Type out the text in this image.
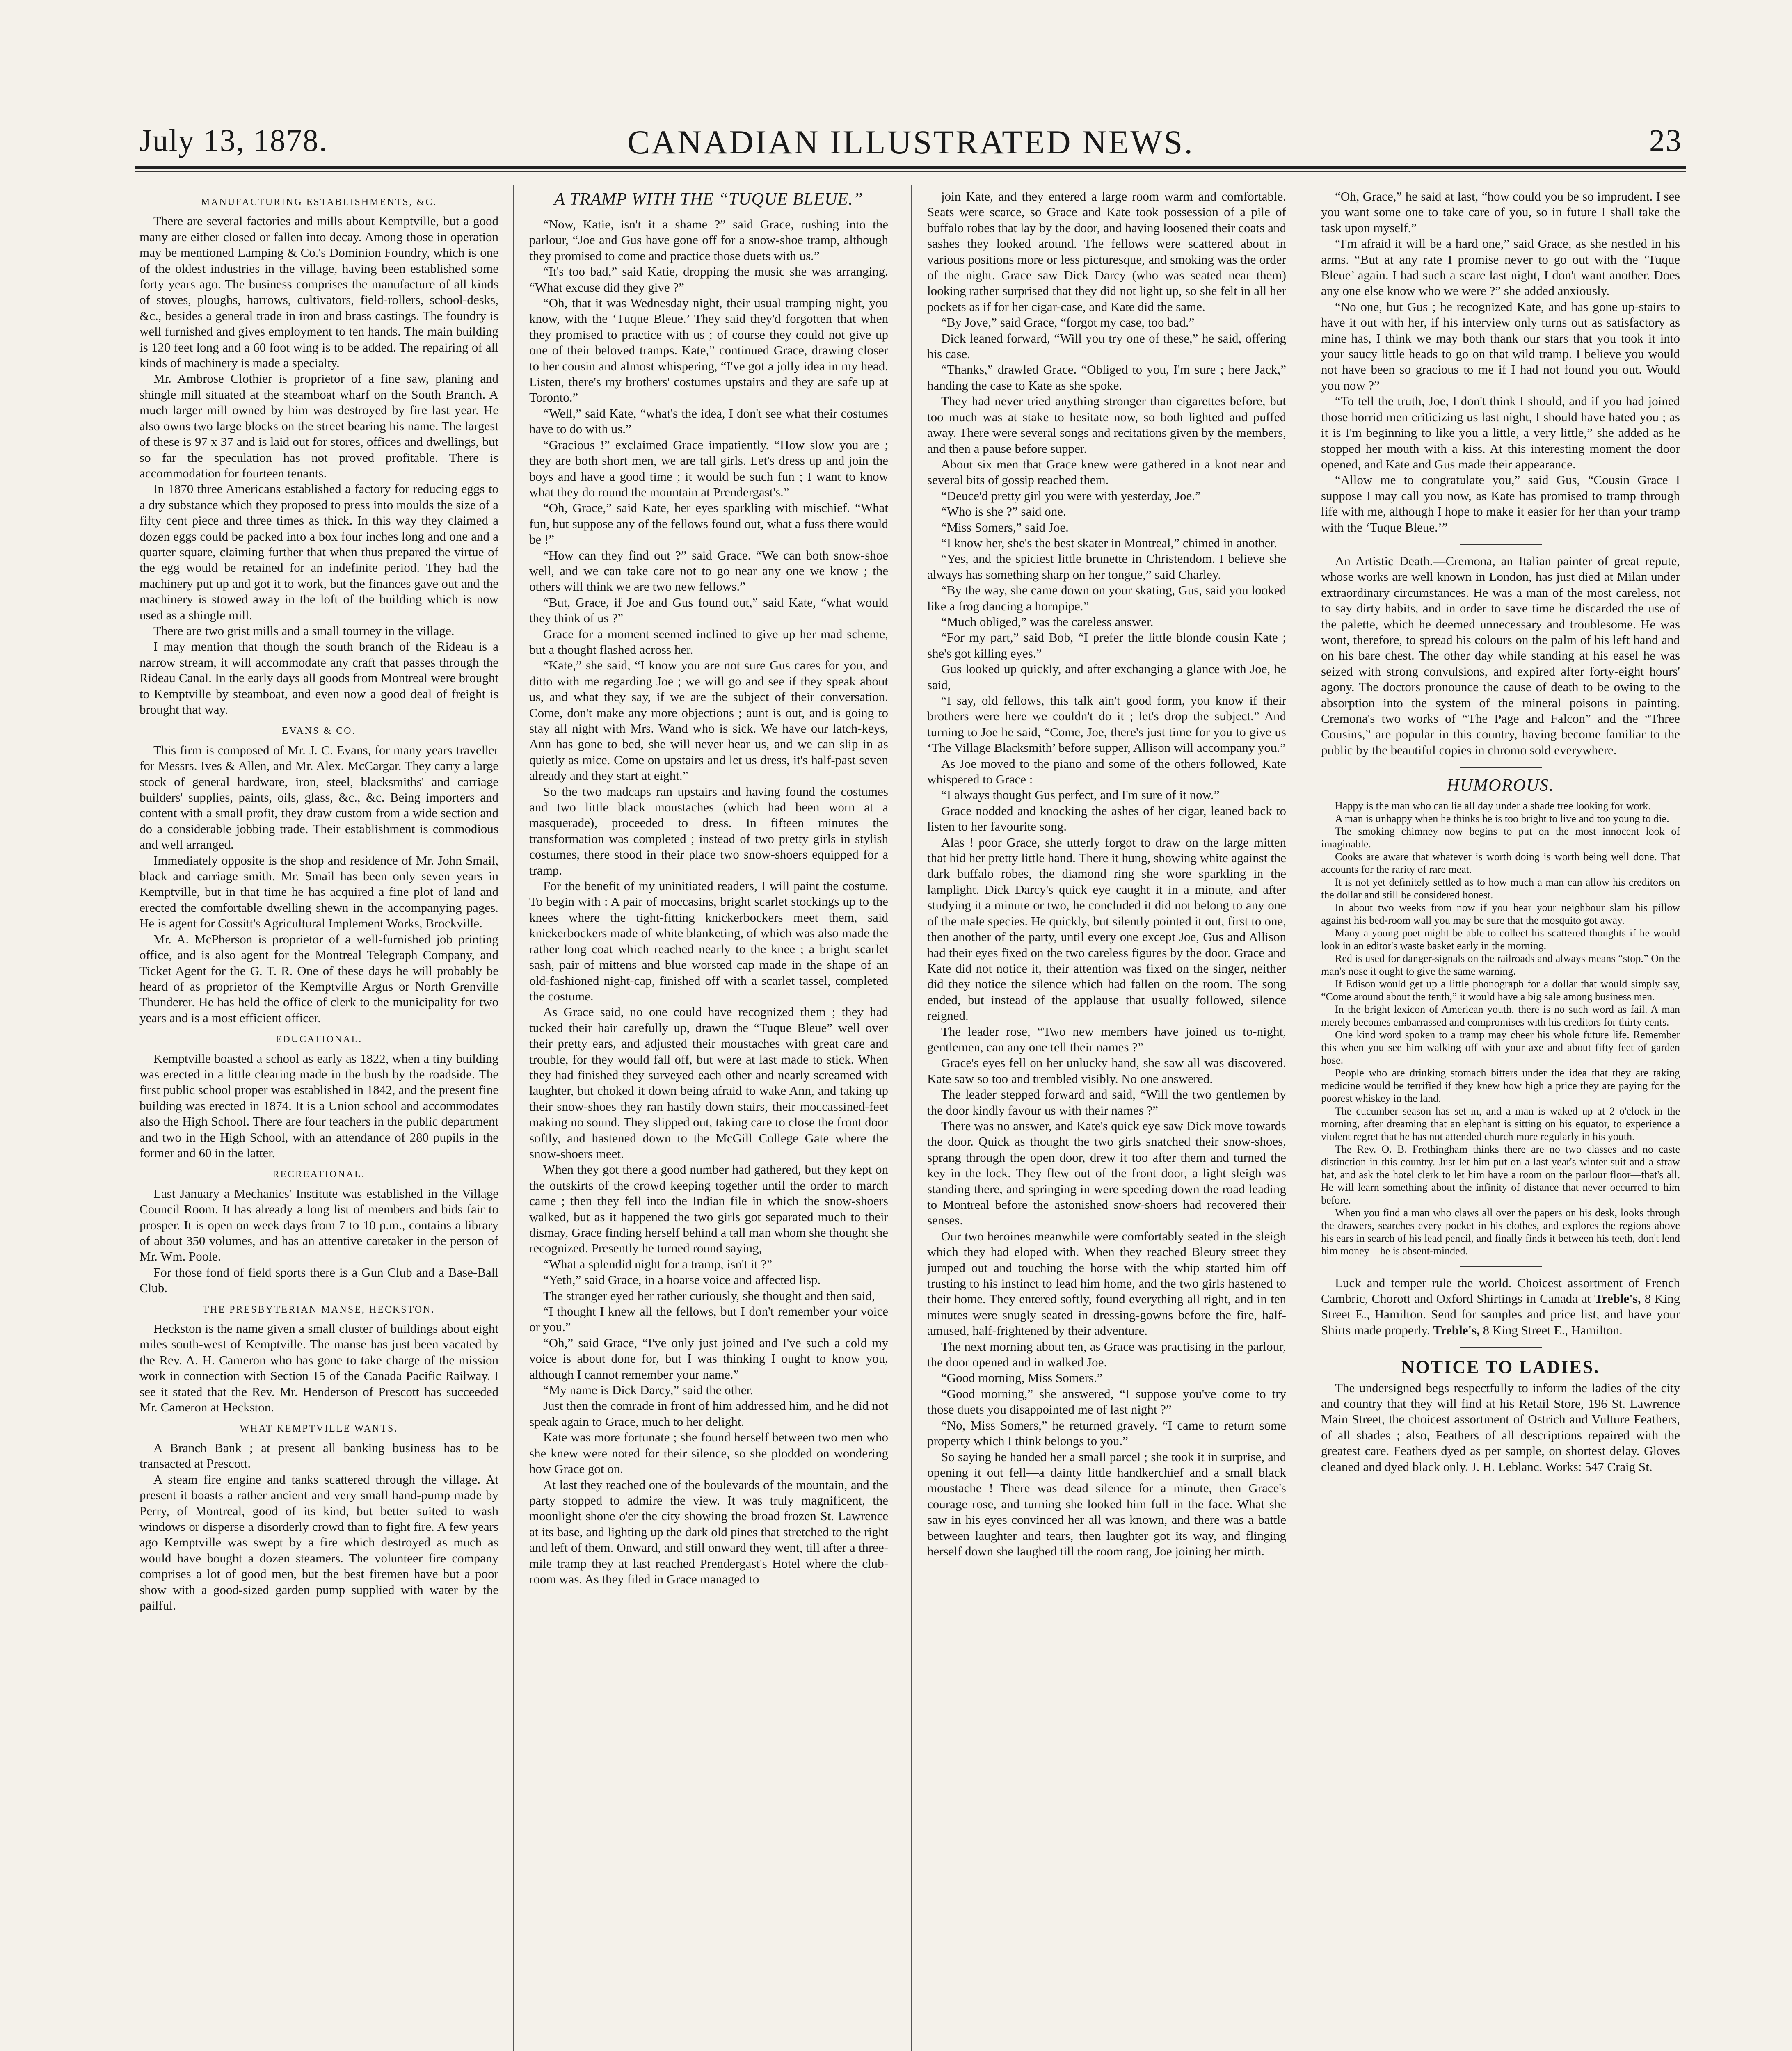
July 13, 1878.	CANADIAN ILLUSTRATED NEWS.	23
MANUFACTURING ESTABLISHMENTS, &C.

There are several factories and mills about Kemptville, but a good many are either closed or fallen into decay. Among those in operation may be mentioned Lamping & Co.'s Dominion Foundry, which is one of the oldest industries in the village, having been established some forty years ago. The business comprises the manufacture of all kinds of stoves, ploughs, harrows, cultivators, field-rollers, school-desks, &c., besides a general trade in iron and brass castings. The foundry is well furnished and gives employment to ten hands. The main building is 120 feet long and a 60 foot wing is to be added. The repairing of all kinds of machinery is made a specialty.

Mr. Ambrose Clothier is proprietor of a fine saw, planing and shingle mill situated at the steamboat wharf on the South Branch. A much larger mill owned by him was destroyed by fire last year. He also owns two large blocks on the street bearing his name. The largest of these is 97 x 37 and is laid out for stores, offices and dwellings, but so far the speculation has not proved profitable. There is accommodation for fourteen tenants.

In 1870 three Americans established a factory for reducing eggs to a dry substance which they proposed to press into moulds the size of a fifty cent piece and three times as thick. In this way they claimed a dozen eggs could be packed into a box four inches long and one and a quarter square, claiming further that when thus prepared the virtue of the egg would be retained for an indefinite period. They had the machinery put up and got it to work, but the finances gave out and the machinery is stowed away in the loft of the building which is now used as a shingle mill.

There are two grist mills and a small tourney in the village.

I may mention that though the south branch of the Rideau is a narrow stream, it will accommodate any craft that passes through the Rideau Canal. In the early days all goods from Montreal were brought to Kemptville by steamboat, and even now a good deal of freight is brought that way.

EVANS & CO.

This firm is composed of Mr. J. C. Evans, for many years traveller for Messrs. Ives & Allen, and Mr. Alex. McCargar. They carry a large stock of general hardware, iron, steel, blacksmiths' and carriage builders' supplies, paints, oils, glass, &c., &c. Being importers and content with a small profit, they draw custom from a wide section and do a considerable jobbing trade. Their establishment is commodious and well arranged.

Immediately opposite is the shop and residence of Mr. John Smail, black and carriage smith. Mr. Smail has been only seven years in Kemptville, but in that time he has acquired a fine plot of land and erected the comfortable dwelling shewn in the accompanying pages. He is agent for Cossitt's Agricultural Implement Works, Brockville.

Mr. A. McPherson is proprietor of a well-furnished job printing office, and is also agent for the Montreal Telegraph Company, and Ticket Agent for the G. T. R. One of these days he will probably be heard of as proprietor of the Kemptville Argus or North Grenville Thunderer. He has held the office of clerk to the municipality for two years and is a most efficient officer.

EDUCATIONAL.

Kemptville boasted a school as early as 1822, when a tiny building was erected in a little clearing made in the bush by the roadside. The first public school proper was established in 1842, and the present fine building was erected in 1874. It is a Union school and accommodates also the High School. There are four teachers in the public department and two in the High School, with an attendance of 280 pupils in the former and 60 in the latter.

RECREATIONAL.

Last January a Mechanics' Institute was established in the Village Council Room. It has already a long list of members and bids fair to prosper. It is open on week days from 7 to 10 p.m., contains a library of about 350 volumes, and has an attentive caretaker in the person of Mr. Wm. Poole.

For those fond of field sports there is a Gun Club and a Base-Ball Club.

THE PRESBYTERIAN MANSE, HECKSTON.

Heckston is the name given a small cluster of buildings about eight miles south-west of Kemptville. The manse has just been vacated by the Rev. A. H. Cameron who has gone to take charge of the mission work in connection with Section 15 of the Canada Pacific Railway. I see it stated that the Rev. Mr. Henderson of Prescott has succeeded Mr. Cameron at Heckston.

WHAT KEMPTVILLE WANTS.

A Branch Bank ; at present all banking business has to be transacted at Prescott.

A steam fire engine and tanks scattered through the village. At present it boasts a rather ancient and very small hand-pump made by Perry, of Montreal, good of its kind, but better suited to wash windows or disperse a disorderly crowd than to fight fire. A few years ago Kemptville was swept by a fire which destroyed as much as would have bought a dozen steamers. The volunteer fire company comprises a lot of good men, but the best firemen have but a poor show with a good-sized garden pump supplied with water by the pailful.

A TRAMP WITH THE “TUQUE BLEUE.”

“Now, Katie, isn't it a shame ?” said Grace, rushing into the parlour, “Joe and Gus have gone off for a snow-shoe tramp, although they promised to come and practice those duets with us.”

“It's too bad,” said Katie, dropping the music she was arranging. “What excuse did they give ?”

“Oh, that it was Wednesday night, their usual tramping night, you know, with the ‘Tuque Bleue.’ They said they'd forgotten that when they promised to practice with us ; of course they could not give up one of their beloved tramps. Kate,” continued Grace, drawing closer to her cousin and almost whispering, “I've got a jolly idea in my head. Listen, there's my brothers' costumes upstairs and they are safe up at Toronto.”

“Well,” said Kate, “what's the idea, I don't see what their costumes have to do with us.”

“Gracious !” exclaimed Grace impatiently. “How slow you are ; they are both short men, we are tall girls. Let's dress up and join the boys and have a good time ; it would be such fun ; I want to know what they do round the mountain at Prendergast's.”

“Oh, Grace,” said Kate, her eyes sparkling with mischief. “What fun, but suppose any of the fellows found out, what a fuss there would be !”

“How can they find out ?” said Grace. “We can both snow-shoe well, and we can take care not to go near any one we know ; the others will think we are two new fellows.”

“But, Grace, if Joe and Gus found out,” said Kate, “what would they think of us ?”

Grace for a moment seemed inclined to give up her mad scheme, but a thought flashed across her.

“Kate,” she said, “I know you are not sure Gus cares for you, and ditto with me regarding Joe ; we will go and see if they speak about us, and what they say, if we are the subject of their conversation. Come, don't make any more objections ; aunt is out, and is going to stay all night with Mrs. Wand who is sick. We have our latch-keys, Ann has gone to bed, she will never hear us, and we can slip in as quietly as mice. Come on upstairs and let us dress, it's half-past seven already and they start at eight.”

So the two madcaps ran upstairs and having found the costumes and two little black moustaches (which had been worn at a masquerade), proceeded to dress. In fifteen minutes the transformation was completed ; instead of two pretty girls in stylish costumes, there stood in their place two snow-shoers equipped for a tramp.

For the benefit of my uninitiated readers, I will paint the costume. To begin with : A pair of moccasins, bright scarlet stockings up to the knees where the tight-fitting knickerbockers meet them, said knickerbockers made of white blanketing, of which was also made the rather long coat which reached nearly to the knee ; a bright scarlet sash, pair of mittens and blue worsted cap made in the shape of an old-fashioned night-cap, finished off with a scarlet tassel, completed the costume.

As Grace said, no one could have recognized them ; they had tucked their hair carefully up, drawn the “Tuque Bleue” well over their pretty ears, and adjusted their moustaches with great care and trouble, for they would fall off, but were at last made to stick. When they had finished they surveyed each other and nearly screamed with laughter, but choked it down being afraid to wake Ann, and taking up their snow-shoes they ran hastily down stairs, their moccassined-feet making no sound. They slipped out, taking care to close the front door softly, and hastened down to the McGill College Gate where the snow-shoers meet.

When they got there a good number had gathered, but they kept on the outskirts of the crowd keeping together until the order to march came ; then they fell into the Indian file in which the snow-shoers walked, but as it happened the two girls got separated much to their dismay, Grace finding herself behind a tall man whom she thought she recognized. Presently he turned round saying,

“What a splendid night for a tramp, isn't it ?”

“Yeth,” said Grace, in a hoarse voice and affected lisp.

The stranger eyed her rather curiously, she thought and then said,

“I thought I knew all the fellows, but I don't remember your voice or you.”

“Oh,” said Grace, “I've only just joined and I've such a cold my voice is about done for, but I was thinking I ought to know you, although I cannot remember your name.”

“My name is Dick Darcy,” said the other.

Just then the comrade in front of him addressed him, and he did not speak again to Grace, much to her delight.

Kate was more fortunate ; she found herself between two men who she knew were noted for their silence, so she plodded on wondering how Grace got on.

At last they reached one of the boulevards of the mountain, and the party stopped to admire the view. It was truly magnificent, the moonlight shone o'er the city showing the broad frozen St. Lawrence at its base, and lighting up the dark old pines that stretched to the right and left of them. Onward, and still onward they went, till after a three-mile tramp they at last reached Prendergast's Hotel where the club-room was. As they filed in Grace managed to

join Kate, and they entered a large room warm and comfortable. Seats were scarce, so Grace and Kate took possession of a pile of buffalo robes that lay by the door, and having loosened their coats and sashes they looked around. The fellows were scattered about in various positions more or less picturesque, and smoking was the order of the night. Grace saw Dick Darcy (who was seated near them) looking rather surprised that they did not light up, so she felt in all her pockets as if for her cigar-case, and Kate did the same.

“By Jove,” said Grace, “forgot my case, too bad.”

Dick leaned forward, “Will you try one of these,” he said, offering his case.

“Thanks,” drawled Grace. “Obliged to you, I'm sure ; here Jack,” handing the case to Kate as she spoke.

They had never tried anything stronger than cigarettes before, but too much was at stake to hesitate now, so both lighted and puffed away. There were several songs and recitations given by the members, and then a pause before supper.

About six men that Grace knew were gathered in a knot near and several bits of gossip reached them.

“Deuce'd pretty girl you were with yesterday, Joe.”

“Who is she ?” said one.

“Miss Somers,” said Joe.

“I know her, she's the best skater in Montreal,” chimed in another.

“Yes, and the spiciest little brunette in Christendom. I believe she always has something sharp on her tongue,” said Charley.

“By the way, she came down on your skating, Gus, said you looked like a frog dancing a hornpipe.”

“Much obliged,” was the careless answer.

“For my part,” said Bob, “I prefer the little blonde cousin Kate ; she's got killing eyes.”

Gus looked up quickly, and after exchanging a glance with Joe, he said,

“I say, old fellows, this talk ain't good form, you know if their brothers were here we couldn't do it ; let's drop the subject.” And turning to Joe he said, “Come, Joe, there's just time for you to give us ‘The Village Blacksmith’ before supper, Allison will accompany you.”

As Joe moved to the piano and some of the others followed, Kate whispered to Grace :

“I always thought Gus perfect, and I'm sure of it now.”

Grace nodded and knocking the ashes of her cigar, leaned back to listen to her favourite song.

Alas ! poor Grace, she utterly forgot to draw on the large mitten that hid her pretty little hand. There it hung, showing white against the dark buffalo robes, the diamond ring she wore sparkling in the lamplight. Dick Darcy's quick eye caught it in a minute, and after studying it a minute or two, he concluded it did not belong to any one of the male species. He quickly, but silently pointed it out, first to one, then another of the party, until every one except Joe, Gus and Allison had their eyes fixed on the two careless figures by the door. Grace and Kate did not notice it, their attention was fixed on the singer, neither did they notice the silence which had fallen on the room. The song ended, but instead of the applause that usually followed, silence reigned.

The leader rose, “Two new members have joined us to-night, gentlemen, can any one tell their names ?”

Grace's eyes fell on her unlucky hand, she saw all was discovered. Kate saw so too and trembled visibly. No one answered.

The leader stepped forward and said, “Will the two gentlemen by the door kindly favour us with their names ?”

There was no answer, and Kate's quick eye saw Dick move towards the door. Quick as thought the two girls snatched their snow-shoes, sprang through the open door, drew it too after them and turned the key in the lock. They flew out of the front door, a light sleigh was standing there, and springing in were speeding down the road leading to Montreal before the astonished snow-shoers had recovered their senses.

Our two heroines meanwhile were comfortably seated in the sleigh which they had eloped with. When they reached Bleury street they jumped out and touching the horse with the whip started him off trusting to his instinct to lead him home, and the two girls hastened to their home. They entered softly, found everything all right, and in ten minutes were snugly seated in dressing-gowns before the fire, half-amused, half-frightened by their adventure.

The next morning about ten, as Grace was practising in the parlour, the door opened and in walked Joe.

“Good morning, Miss Somers.”

“Good morning,” she answered, “I suppose you've come to try those duets you disappointed me of last night ?”

“No, Miss Somers,” he returned gravely. “I came to return some property which I think belongs to you.”

So saying he handed her a small parcel ; she took it in surprise, and opening it out fell—a dainty little handkerchief and a small black moustache ! There was dead silence for a minute, then Grace's courage rose, and turning she looked him full in the face. What she saw in his eyes convinced her all was known, and there was a battle between laughter and tears, then laughter got its way, and flinging herself down she laughed till the room rang, Joe joining her mirth.

“Oh, Grace,” he said at last, “how could you be so imprudent. I see you want some one to take care of you, so in future I shall take the task upon myself.”

“I'm afraid it will be a hard one,” said Grace, as she nestled in his arms. “But at any rate I promise never to go out with the ‘Tuque Bleue’ again. I had such a scare last night, I don't want another. Does any one else know who we were ?” she added anxiously.

“No one, but Gus ; he recognized Kate, and has gone up-stairs to have it out with her, if his interview only turns out as satisfactory as mine has, I think we may both thank our stars that you took it into your saucy little heads to go on that wild tramp. I believe you would not have been so gracious to me if I had not found you out. Would you now ?”

“To tell the truth, Joe, I don't think I should, and if you had joined those horrid men criticizing us last night, I should have hated you ; as it is I'm beginning to like you a little, a very little,” she added as he stopped her mouth with a kiss. At this interesting moment the door opened, and Kate and Gus made their appearance.

“Allow me to congratulate you,” said Gus, “Cousin Grace I suppose I may call you now, as Kate has promised to tramp through life with me, although I hope to make it easier for her than your tramp with the ‘Tuque Bleue.’”

An Artistic Death.—Cremona, an Italian painter of great repute, whose works are well known in London, has just died at Milan under extraordinary circumstances. He was a man of the most careless, not to say dirty habits, and in order to save time he discarded the use of the palette, which he deemed unnecessary and troublesome. He was wont, therefore, to spread his colours on the palm of his left hand and on his bare chest. The other day while standing at his easel he was seized with strong convulsions, and expired after forty-eight hours' agony. The doctors pronounce the cause of death to be owing to the absorption into the system of the mineral poisons in painting. Cremona's two works of “The Page and Falcon” and the “Three Cousins,” are popular in this country, having become familiar to the public by the beautiful copies in chromo sold everywhere.

HUMOROUS.

Happy is the man who can lie all day under a shade tree looking for work.

A man is unhappy when he thinks he is too bright to live and too young to die.

The smoking chimney now begins to put on the most innocent look of imaginable.

Cooks are aware that whatever is worth doing is worth being well done. That accounts for the rarity of rare meat.

It is not yet definitely settled as to how much a man can allow his creditors on the dollar and still be considered honest.

In about two weeks from now if you hear your neighbour slam his pillow against his bed-room wall you may be sure that the mosquito got away.

Many a young poet might be able to collect his scattered thoughts if he would look in an editor's waste basket early in the morning.

Red is used for danger-signals on the railroads and always means “stop.” On the man's nose it ought to give the same warning.

If Edison would get up a little phonograph for a dollar that would simply say, “Come around about the tenth,” it would have a big sale among business men.

In the bright lexicon of American youth, there is no such word as fail. A man merely becomes embarrassed and compromises with his creditors for thirty cents.

One kind word spoken to a tramp may cheer his whole future life. Remember this when you see him walking off with your axe and about fifty feet of garden hose.

People who are drinking stomach bitters under the idea that they are taking medicine would be terrified if they knew how high a price they are paying for the poorest whiskey in the land.

The cucumber season has set in, and a man is waked up at 2 o'clock in the morning, after dreaming that an elephant is sitting on his equator, to experience a violent regret that he has not attended church more regularly in his youth.

The Rev. O. B. Frothingham thinks there are no two classes and no caste distinction in this country. Just let him put on a last year's winter suit and a straw hat, and ask the hotel clerk to let him have a room on the parlour floor—that's all. He will learn something about the infinity of distance that never occurred to him before.

When you find a man who claws all over the papers on his desk, looks through the drawers, searches every pocket in his clothes, and explores the regions above his ears in search of his lead pencil, and finally finds it between his teeth, don't lend him money—he is absent-minded.

Luck and temper rule the world. Choicest assortment of French Cambric, Chorott and Oxford Shirtings in Canada at Treble's, 8 King Street E., Hamilton. Send for samples and price list, and have your Shirts made properly. Treble's, 8 King Street E., Hamilton.

NOTICE TO LADIES.

The undersigned begs respectfully to inform the ladies of the city and country that they will find at his Retail Store, 196 St. Lawrence Main Street, the choicest assortment of Ostrich and Vulture Feathers, of all shades ; also, Feathers of all descriptions repaired with the greatest care. Feathers dyed as per sample, on shortest delay. Gloves cleaned and dyed black only. J. H. Leblanc. Works: 547 Craig St.
